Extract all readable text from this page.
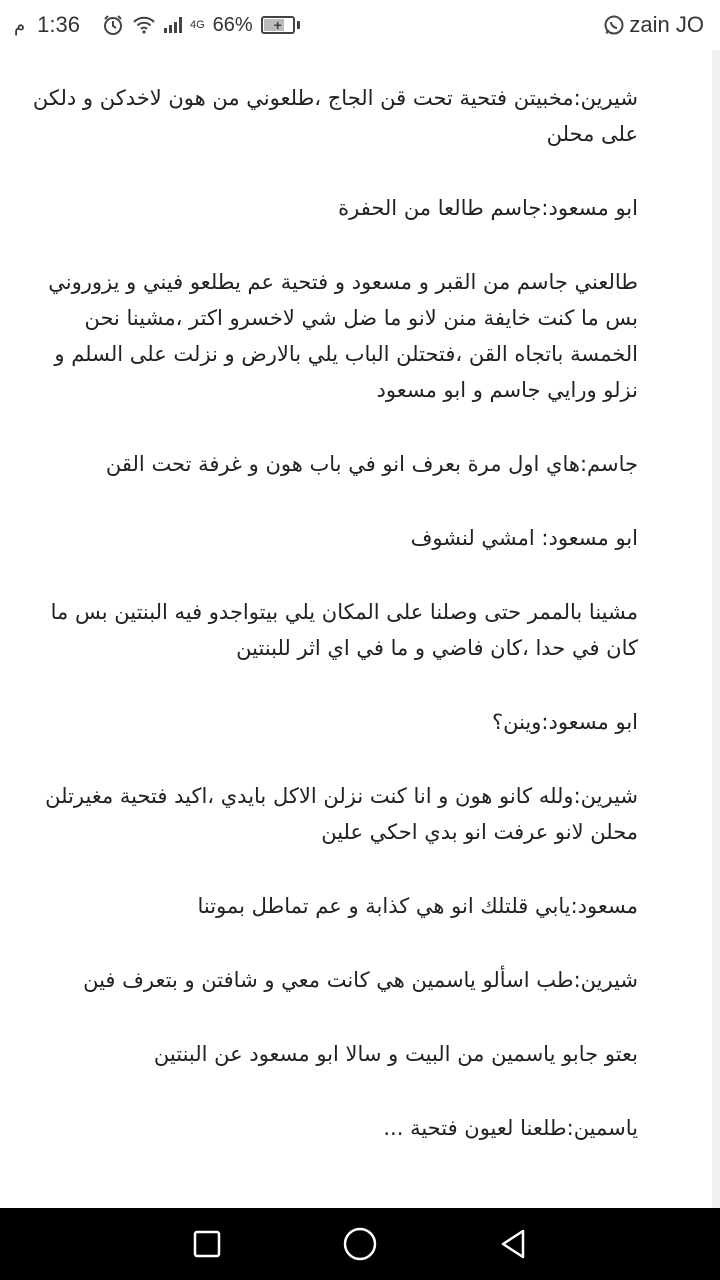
م 1:36	4G 66% +	zain JO

شيرين:مخبيتن فتحية تحت قن الجاج ،طلعوني من هون لاخدكن و دلكن على محلن

ابو مسعود:جاسم طالعا من الحفرة

طالعني جاسم من القبر و مسعود و فتحية عم يطلعو فيني و يزوروني بس ما كنت خايفة منن لانو ما ضل شي لاخسرو اكتر ،مشينا نحن الخمسة باتجاه القن ،فتحتلن الباب يلي بالارض و نزلت على السلم و نزلو ورايي جاسم و ابو مسعود

جاسم:هاي اول مرة بعرف انو في باب هون و غرفة تحت القن

ابو مسعود: امشي لنشوف

مشينا بالممر حتى وصلنا على المكان يلي بيتواجدو فيه البنتين بس ما كان في حدا ،كان فاضي و ما في اي اثر للبنتين

ابو مسعود:وينن؟

شيرين:ولله كانو هون و انا كنت نزلن الاكل بايدي ،اكيد فتحية مغيرتلن محلن لانو عرفت انو بدي احكي علين

مسعود:يابي قلتلك انو هي كذابة و عم تماطل بموتنا

شيرين:طب اسألو ياسمين هي كانت معي و شافتن و بتعرف فين

بعتو جابو ياسمين من البيت و سالا ابو مسعود عن البنتين

ياسمين:طلعنا لعيون فتحية ...
